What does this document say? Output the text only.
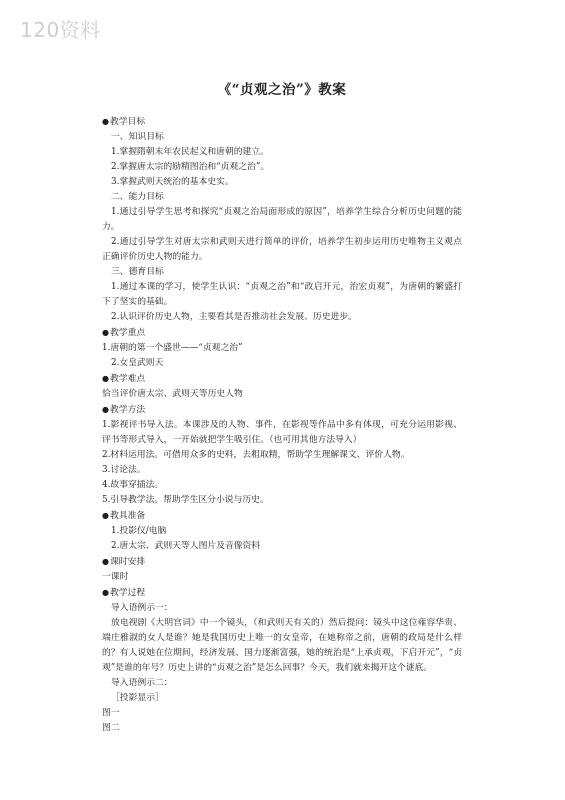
120资料
《“贞观之治”》教案

● 教学目标

一、知识目标

1.掌握隋朝末年农民起义和唐朝的建立。

2.掌握唐太宗的励精图治和“贞观之治”。

3.掌握武则天统治的基本史实。

二、能力目标

1.通过引导学生思考和探究“贞观之治局面形成的原因”，培养学生综合分析历史问题的能力。

2.通过引导学生对唐太宗和武则天进行简单的评价，培养学生初步运用历史唯物主义观点正确评价历史人物的能力。

三、德育目标

1.通过本课的学习，使学生认识：“贞观之治”和“政启开元，治宏贞观”，为唐朝的繁盛打下了坚实的基础。

2.认识评价历史人物，主要看其是否推动社会发展、历史进步。

● 教学重点

1.唐朝的第一个盛世——“贞观之治”

2.女皇武则天

● 教学难点

恰当评价唐太宗、武则天等历史人物

● 教学方法

1.影视评书导入法。本课涉及的人物、事件，在影视等作品中多有体现，可充分运用影视、评书等形式导入，一开始就把学生吸引住。（也可用其他方法导入）

2.材料运用法。可借用众多的史料，去粗取精，帮助学生理解课文、评价人物。

3.讨论法。

4.故事穿插法。

5.引导教学法。帮助学生区分小说与历史。

● 教具准备

1.投影仪/电脑

2.唐太宗、武则天等人图片及音像资料

● 课时安排

一课时

● 教学过程

导入语例示一：

放电视剧《大明宫词》中一个镜头，（和武则天有关的）然后提问：镜头中这位雍容华贵、端庄雅淑的女人是谁？她是我国历史上唯一的女皇帝，在她称帝之前，唐朝的政局是什么样的？有人说她在位期间，经济发展、国力逐渐富强，她的统治是“上承贞观，下启开元”，“贞观”是谁的年号？历史上讲的“贞观之治”是怎么回事？今天，我们就来揭开这个谜底。

导入语例示二：

［投影显示］

图一

图二
